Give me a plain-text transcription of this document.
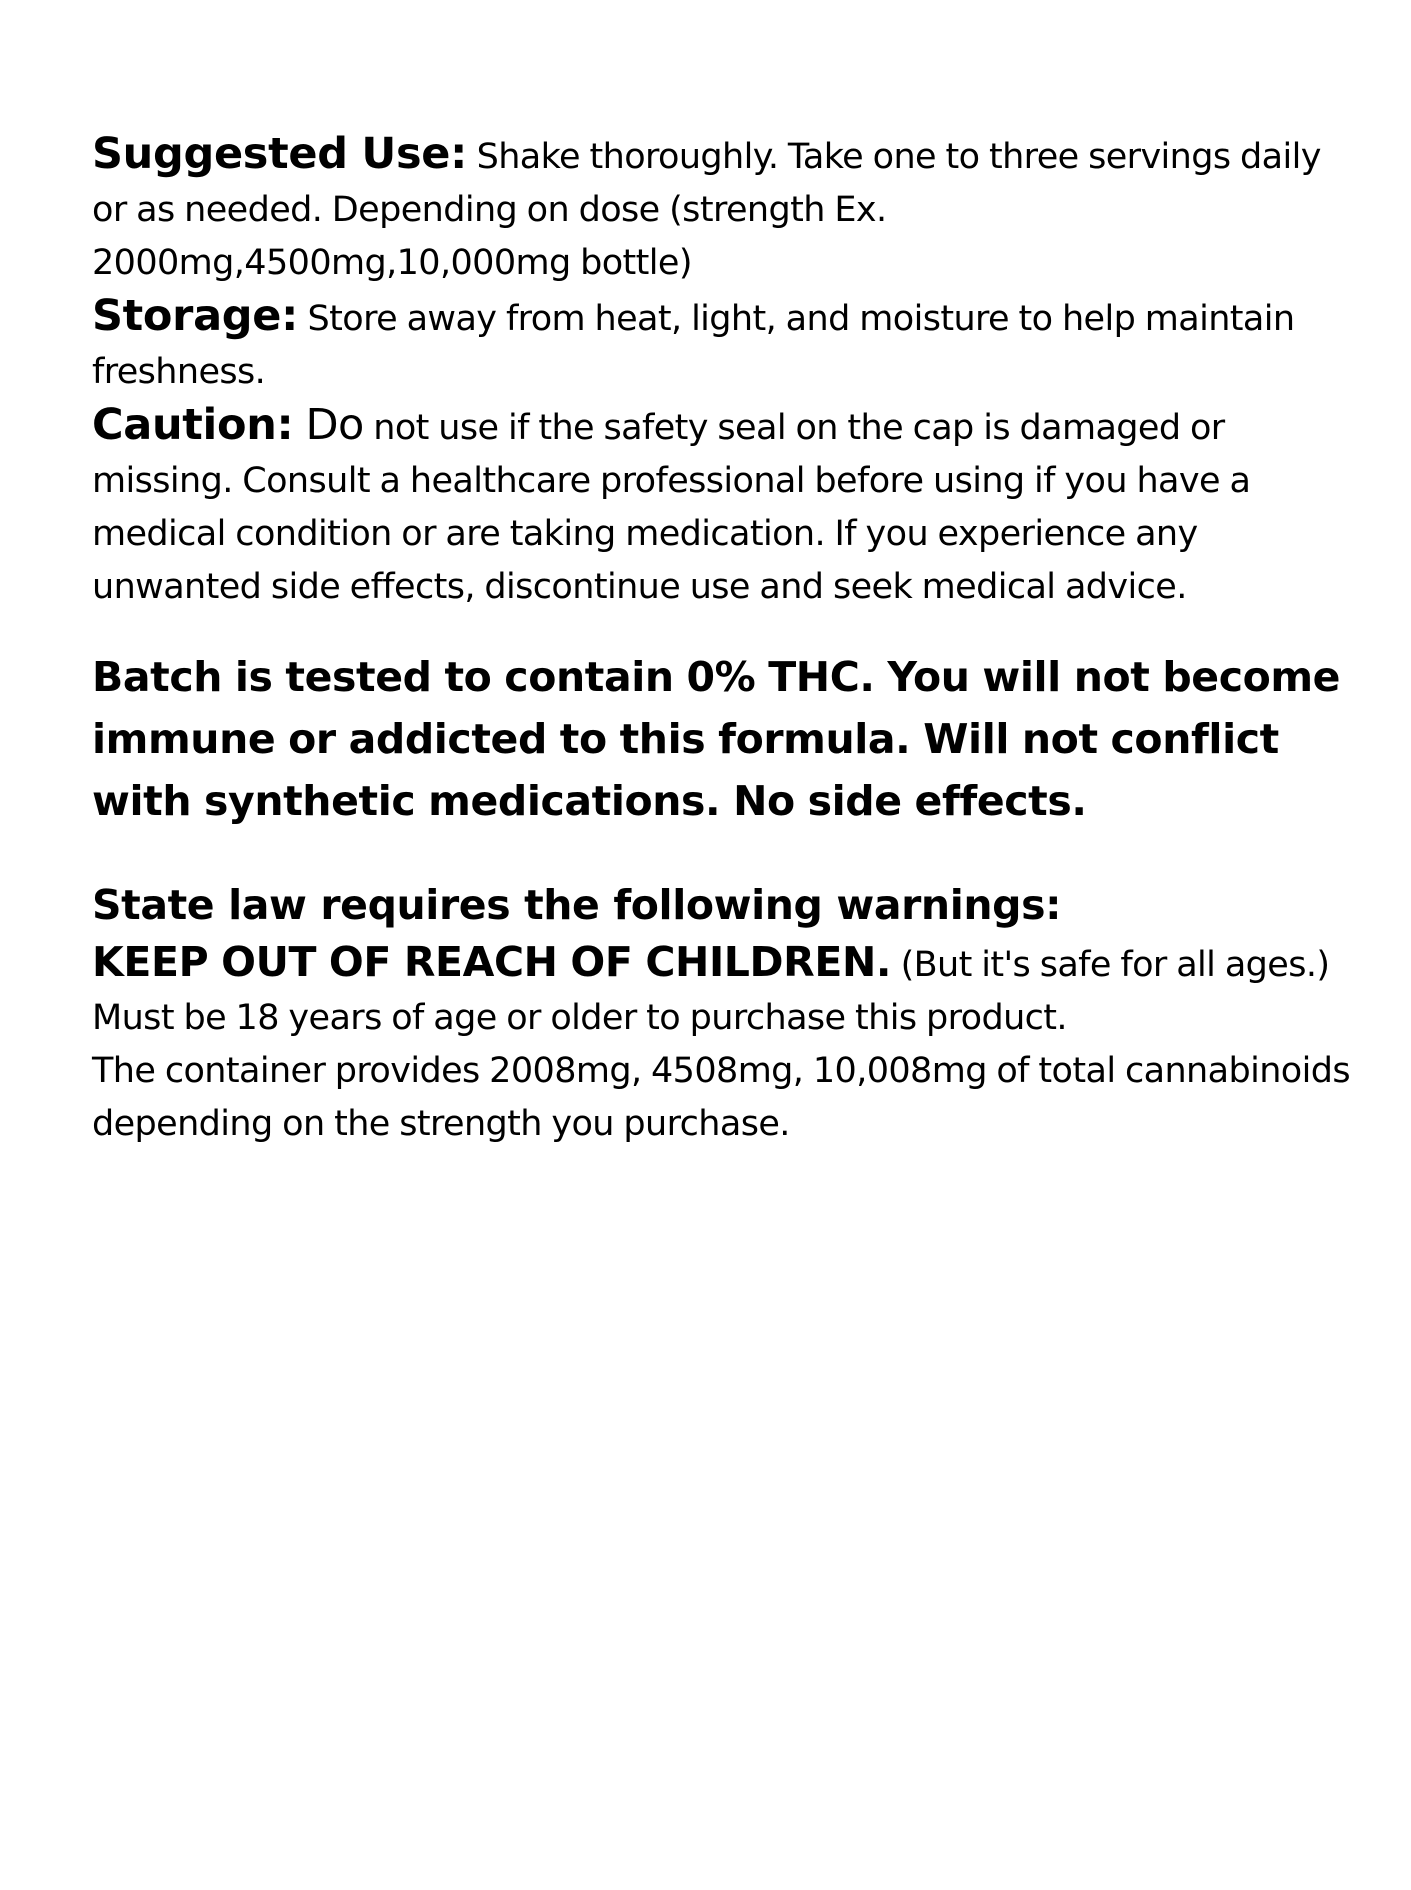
Suggested Use: Shake thoroughly. Take one to three servings daily or as needed. Depending on dose (strength Ex. 2000mg,4500mg,10,000mg bottle)

Storage: Store away from heat, light, and moisture to help maintain freshness.

Caution: Do not use if the safety seal on the cap is damaged or missing. Consult a healthcare professional before using if you have a medical condition or are taking medication. If you experience any unwanted side effects, discontinue use and seek medical advice.

Batch is tested to contain 0% THC. You will not become immune or addicted to this formula. Will not conflict with synthetic medications. No side effects.

State law requires the following warnings:

KEEP OUT OF REACH OF CHILDREN. (But it's safe for all ages.)

Must be 18 years of age or older to purchase this product.

The container provides 2008mg, 4508mg, 10,008mg of total cannabinoids depending on the strength you purchase.
